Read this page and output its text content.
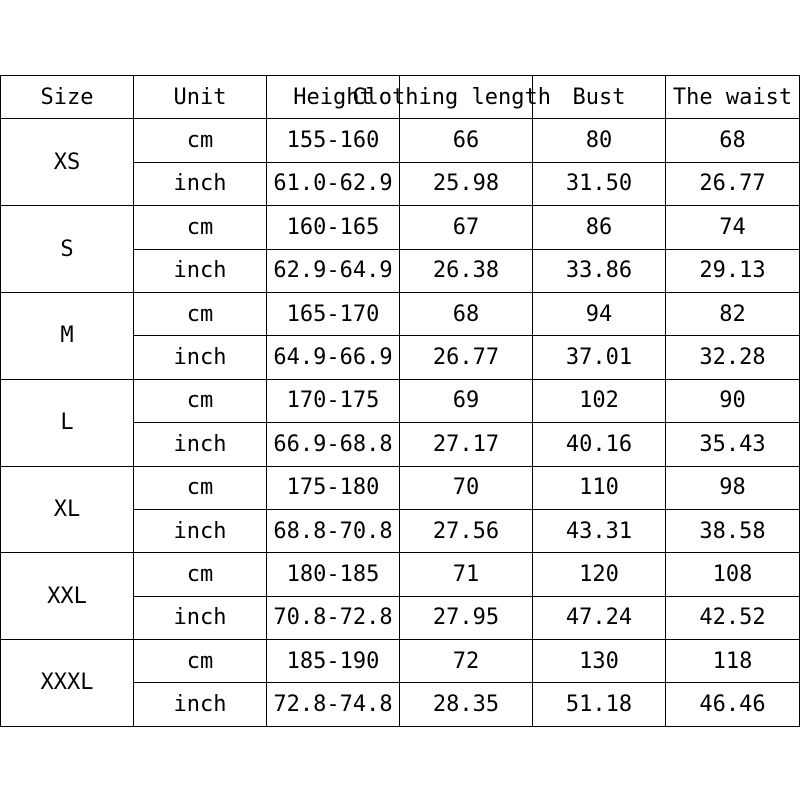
Size	Unit	Height	Clothing length	Bust	The waist
XS	cm	155-160	66	80	68
	inch	61.0-62.9	25.98	31.50	26.77
S	cm	160-165	67	86	74
	inch	62.9-64.9	26.38	33.86	29.13
M	cm	165-170	68	94	82
	inch	64.9-66.9	26.77	37.01	32.28
L	cm	170-175	69	102	90
	inch	66.9-68.8	27.17	40.16	35.43
XL	cm	175-180	70	110	98
	inch	68.8-70.8	27.56	43.31	38.58
XXL	cm	180-185	71	120	108
	inch	70.8-72.8	27.95	47.24	42.52
XXXL	cm	185-190	72	130	118
	inch	72.8-74.8	28.35	51.18	46.46
